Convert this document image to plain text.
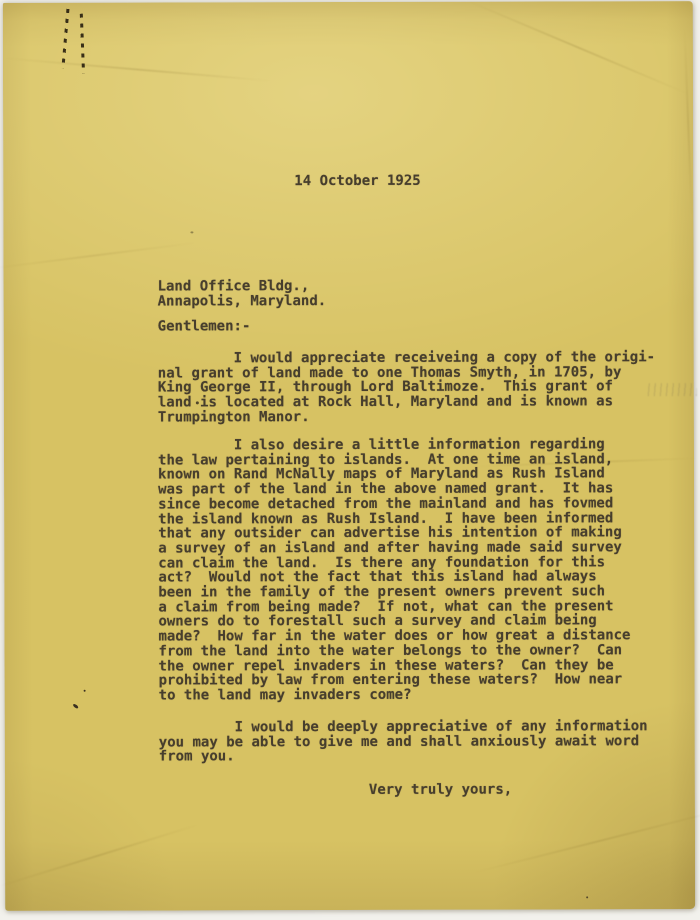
14 October 1925
Land Office Bldg.,
Annapolis, Maryland.
Gentlemen:-
I would appreciate receiveing a copy of the origi-
nal grant of land made to one Thomas Smyth, in 1705, by
King George II, through Lord Baltimoze.  This grant of
land is located at Rock Hall, Maryland and is known as
Trumpington Manor.
I also desire a little information regarding
the law pertaining to islands.  At one time an island,
known on Rand McNally maps of Maryland as Rush Island
was part of the land in the above named grant.  It has
since become detached from the mainland and has fovmed
the island known as Rush Island.  I have been informed
that any outsider can advertise his intention of making
a survey of an island and after having made said survey
can claim the land.  Is there any foundation for this
act?  Would not the fact that this island had always
been in the family of the present owners prevent such
a claim from being made?  If not, what can the present
owners do to forestall such a survey and claim being
made?  How far in the water does or how great a distance
from the land into the water belongs to the owner?  Can
the owner repel invaders in these waters?  Can they be
prohibited by law from entering these waters?  How near
to the land may invaders come?
I would be deeply appreciative of any information
you may be able to give me and shall anxiously await word
from you.
Very truly yours,
